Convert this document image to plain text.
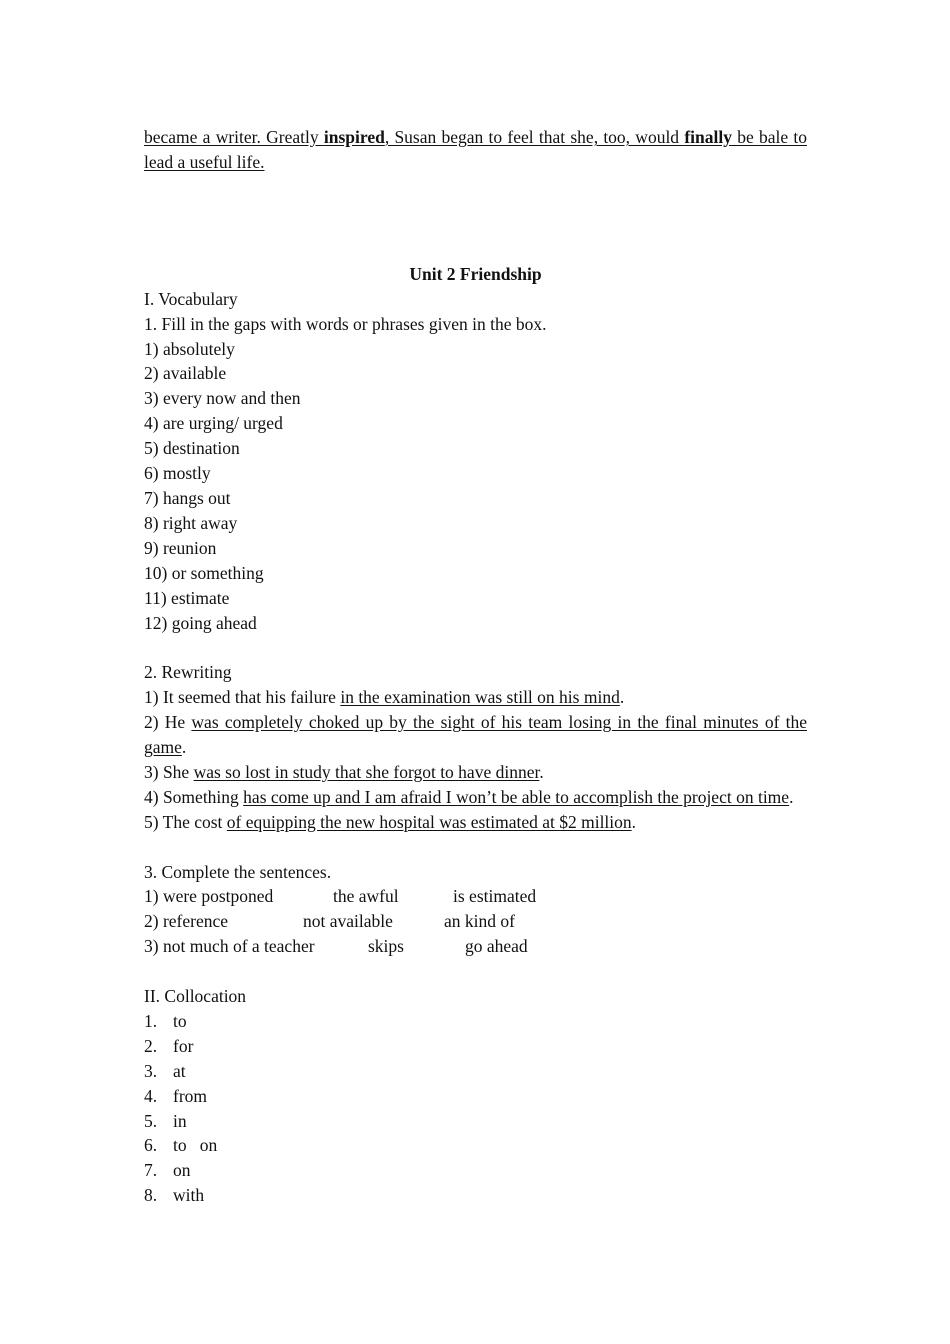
became a writer. Greatly inspired, Susan began to feel that she, too, would finally be bale to lead a useful life.

Unit 2 Friendship

I. Vocabulary

1. Fill in the gaps with words or phrases given in the box.

1) absolutely

2) available

3) every now and then

4) are urging/ urged

5) destination

6) mostly

7) hangs out

8) right away

9) reunion

10) or something

11) estimate

12) going ahead

2. Rewriting

1) It seemed that his failure in the examination was still on his mind.

2) He was completely choked up by the sight of his team losing in the final minutes of the game.

3) She was so lost in study that she forgot to have dinner.

4) Something has come up and I am afraid I won’t be able to accomplish the project on time.

5) The cost of equipping the new hospital was estimated at $2 million.

3. Complete the sentences.

1) were postponed	the awful	is estimated
2) reference	not available	an kind of
3) not much of a teacher	skips	go ahead

II. Collocation

1. to

2. for

3. at

4. from

5. in

6. to   on

7. on

8. with
